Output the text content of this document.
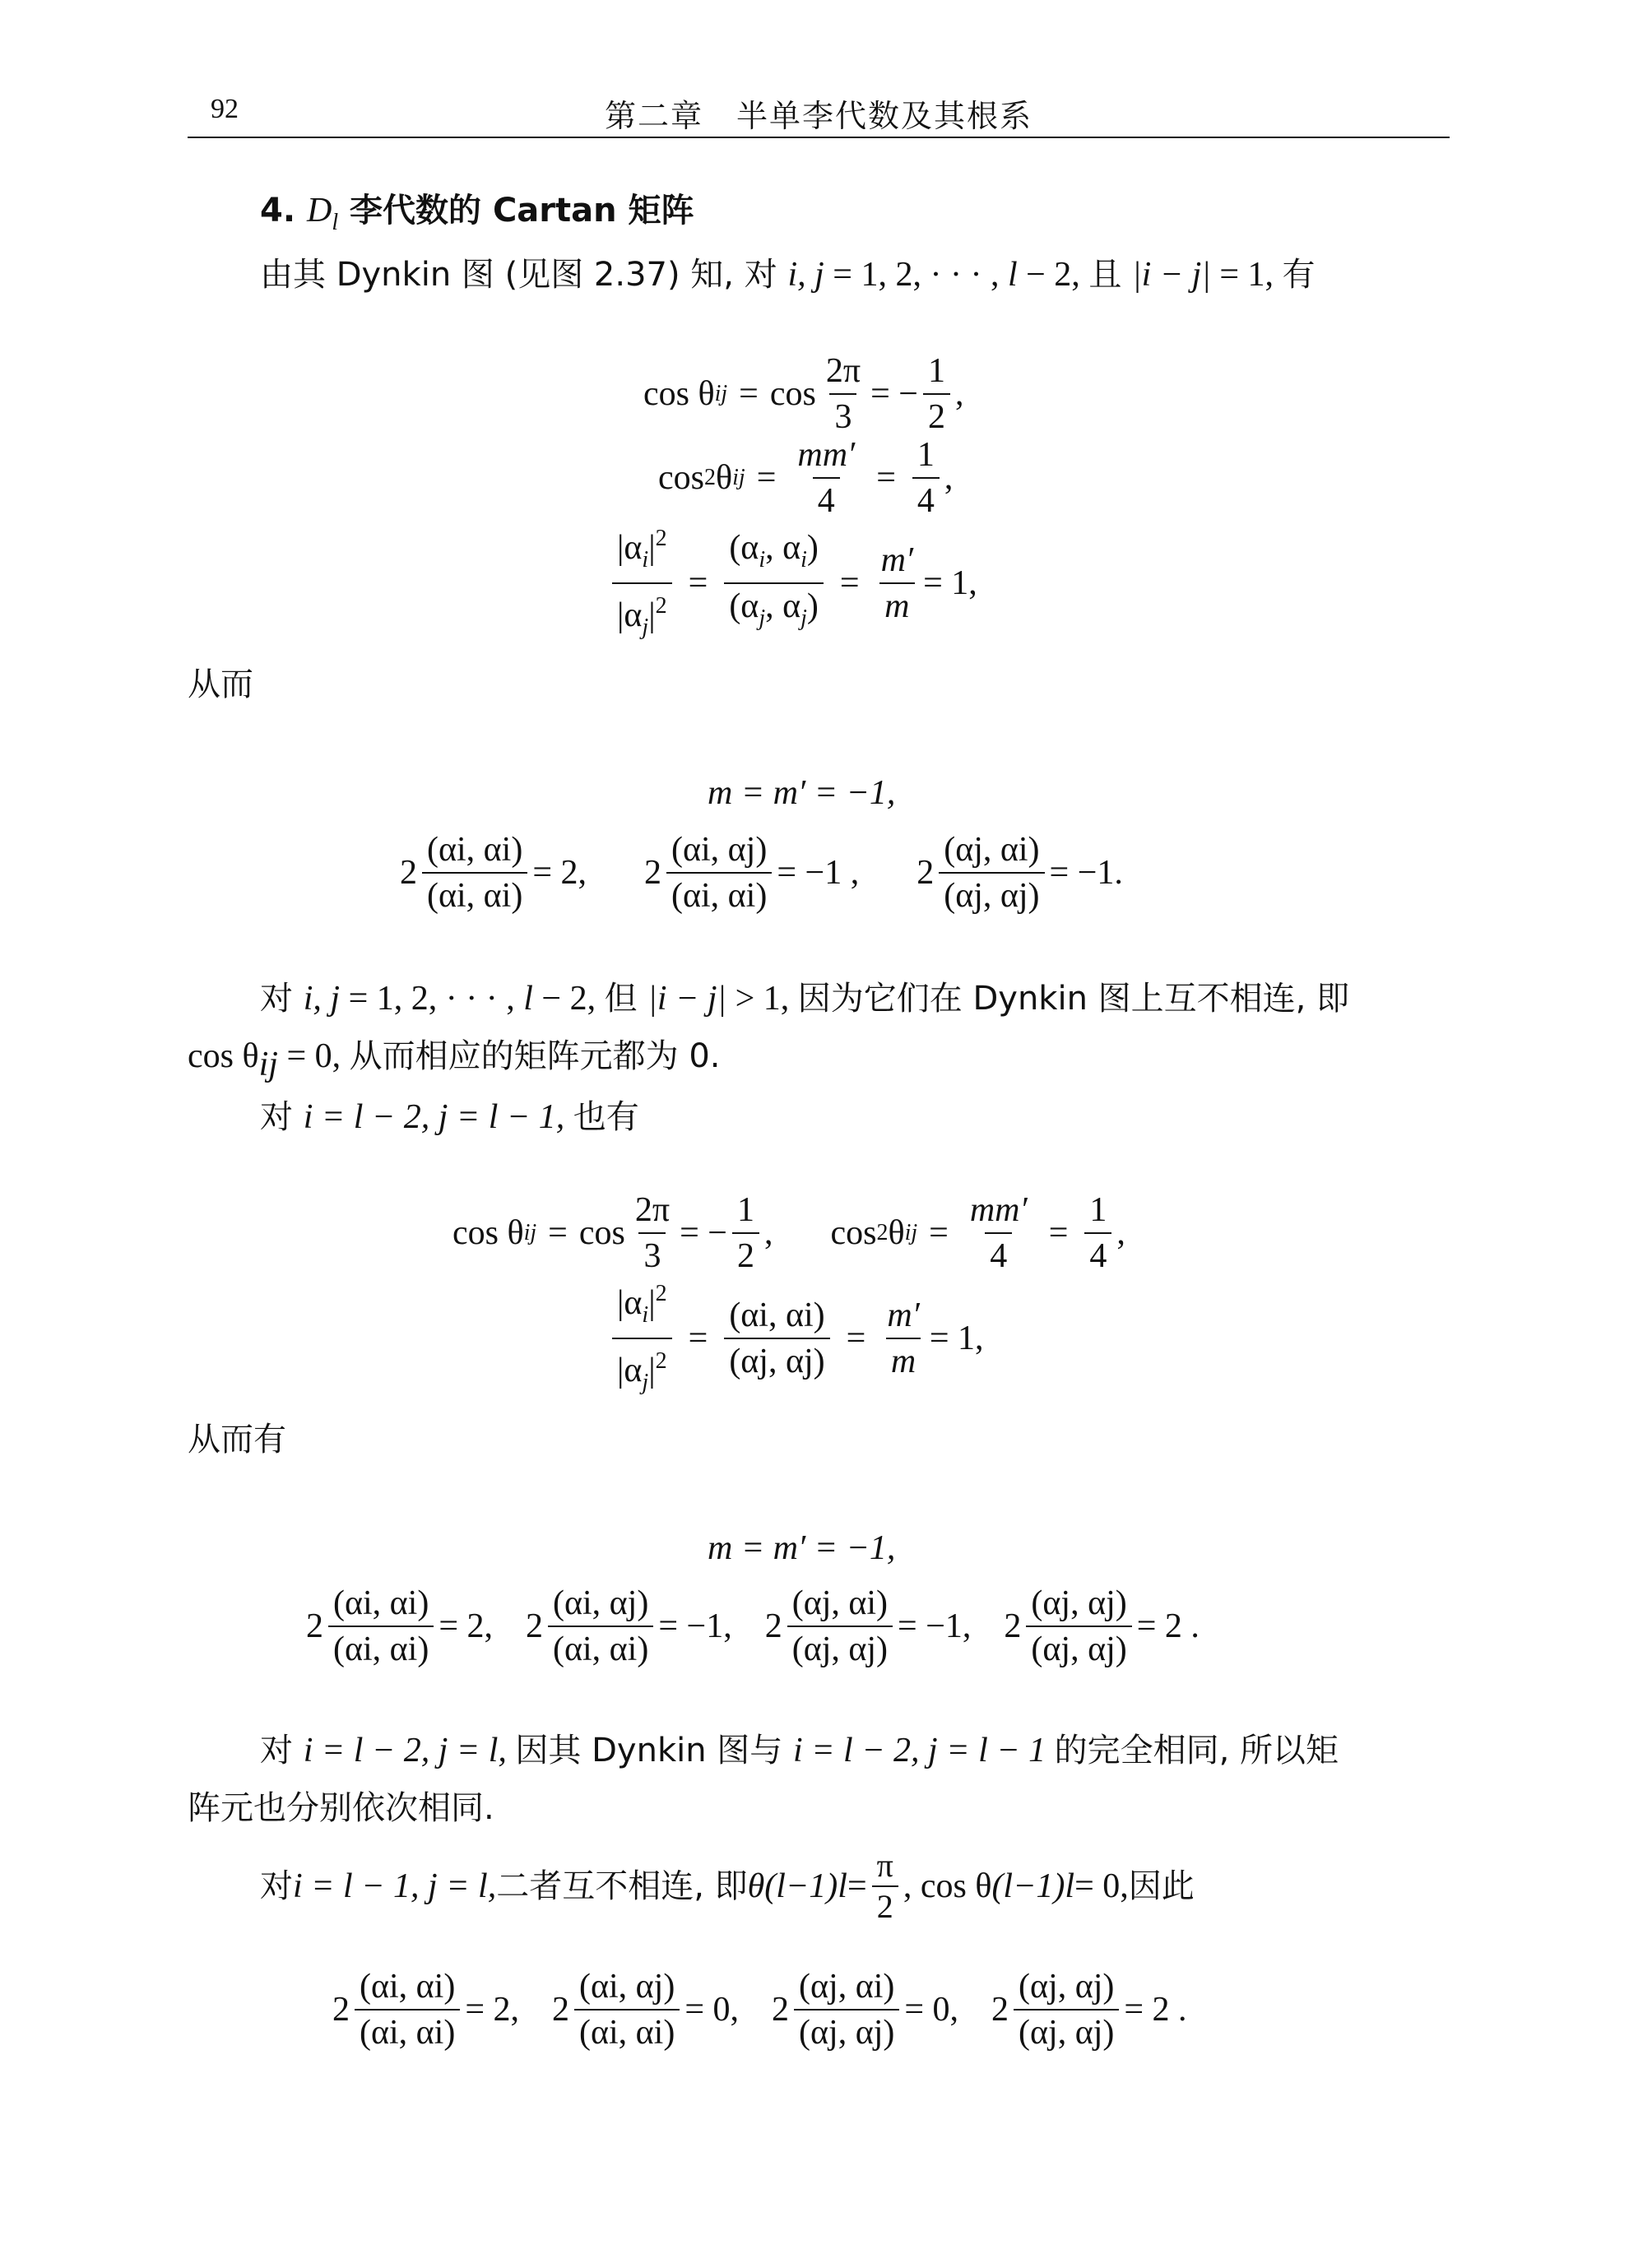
92	第二章　半单李代数及其根系
4. $D_l$ 李代数的 Cartan 矩阵
由其 Dynkin 图 (见图 2.37) 知, 对 i, j = 1, 2, · · · , l − 2, 且 |i − j| = 1, 有
cos θ ij = $\cos \frac{2\pi}{3}$ = − $\frac{1}{2}$ ,
cos 2 θ ij = $\frac{mm'}{4} = \frac{1}{4}$ ,
$\frac{|\alpha_i|^2}{|\alpha_j|^2} = \frac{(\alpha_i, \alpha_i)}{(\alpha_j, \alpha_j)} = \frac{m'}{m} = 1$,
从而
m = m′ = −1,
$2 \frac{(\alpha i, \alpha i)}{(\alpha i, \alpha i)} = 2$, $2 \frac{(\alpha i, \alpha j)}{(\alpha i, \alpha i)} = -1$ , $2 \frac{(\alpha j, \alpha i)}{(\alpha j, \alpha j)} = -1$.
对 i, j = 1, 2, · · · , l − 2, 但 |i − j| > 1, 因为它们在 Dynkin 图上互不相连, 即
cos θij = 0, 从而相应的矩阵元都为 0.
对 i = l − 2, j = l − 1, 也有
cos θ ij = $\cos \frac{2\pi}{3}$ = − $\frac{1}{2}$ , cos 2 θ ij = $\frac{mm'}{4} = \frac{1}{4}$ ,
$\frac{|\alpha_i|^2}{|\alpha_j|^2} = \frac{(\alpha i, \alpha i)}{(\alpha j, \alpha j)} = \frac{m'}{m} = 1$,
从而有
m = m′ = −1,
$2 \frac{(\alpha i, \alpha i)}{(\alpha i, \alpha i)} = 2$, $2 \frac{(\alpha i, \alpha j)}{(\alpha i, \alpha i)} = -1$, $2 \frac{(\alpha j, \alpha i)}{(\alpha j, \alpha j)} = -1$, $2 \frac{(\alpha j, \alpha j)}{(\alpha j, \alpha j)} = 2$ .
对 i = l − 2, j = l, 因其 Dynkin 图与 i = l − 2, j = l − 1 的完全相同, 所以矩
阵元也分别依次相同.
对 i = l − 1, j = l, 二者互不相连, 即 θ $(l-1)l = \frac{\pi}{2}$ , cos θ (l−1)l = 0, 因此
$2 \frac{(\alpha i, \alpha i)}{(\alpha i, \alpha i)} = 2$, $2 \frac{(\alpha i, \alpha j)}{(\alpha i, \alpha i)} = 0$, $2 \frac{(\alpha j, \alpha i)}{(\alpha j, \alpha j)} = 0$, $2 \frac{(\alpha j, \alpha j)}{(\alpha j, \alpha j)} = 2$ .
